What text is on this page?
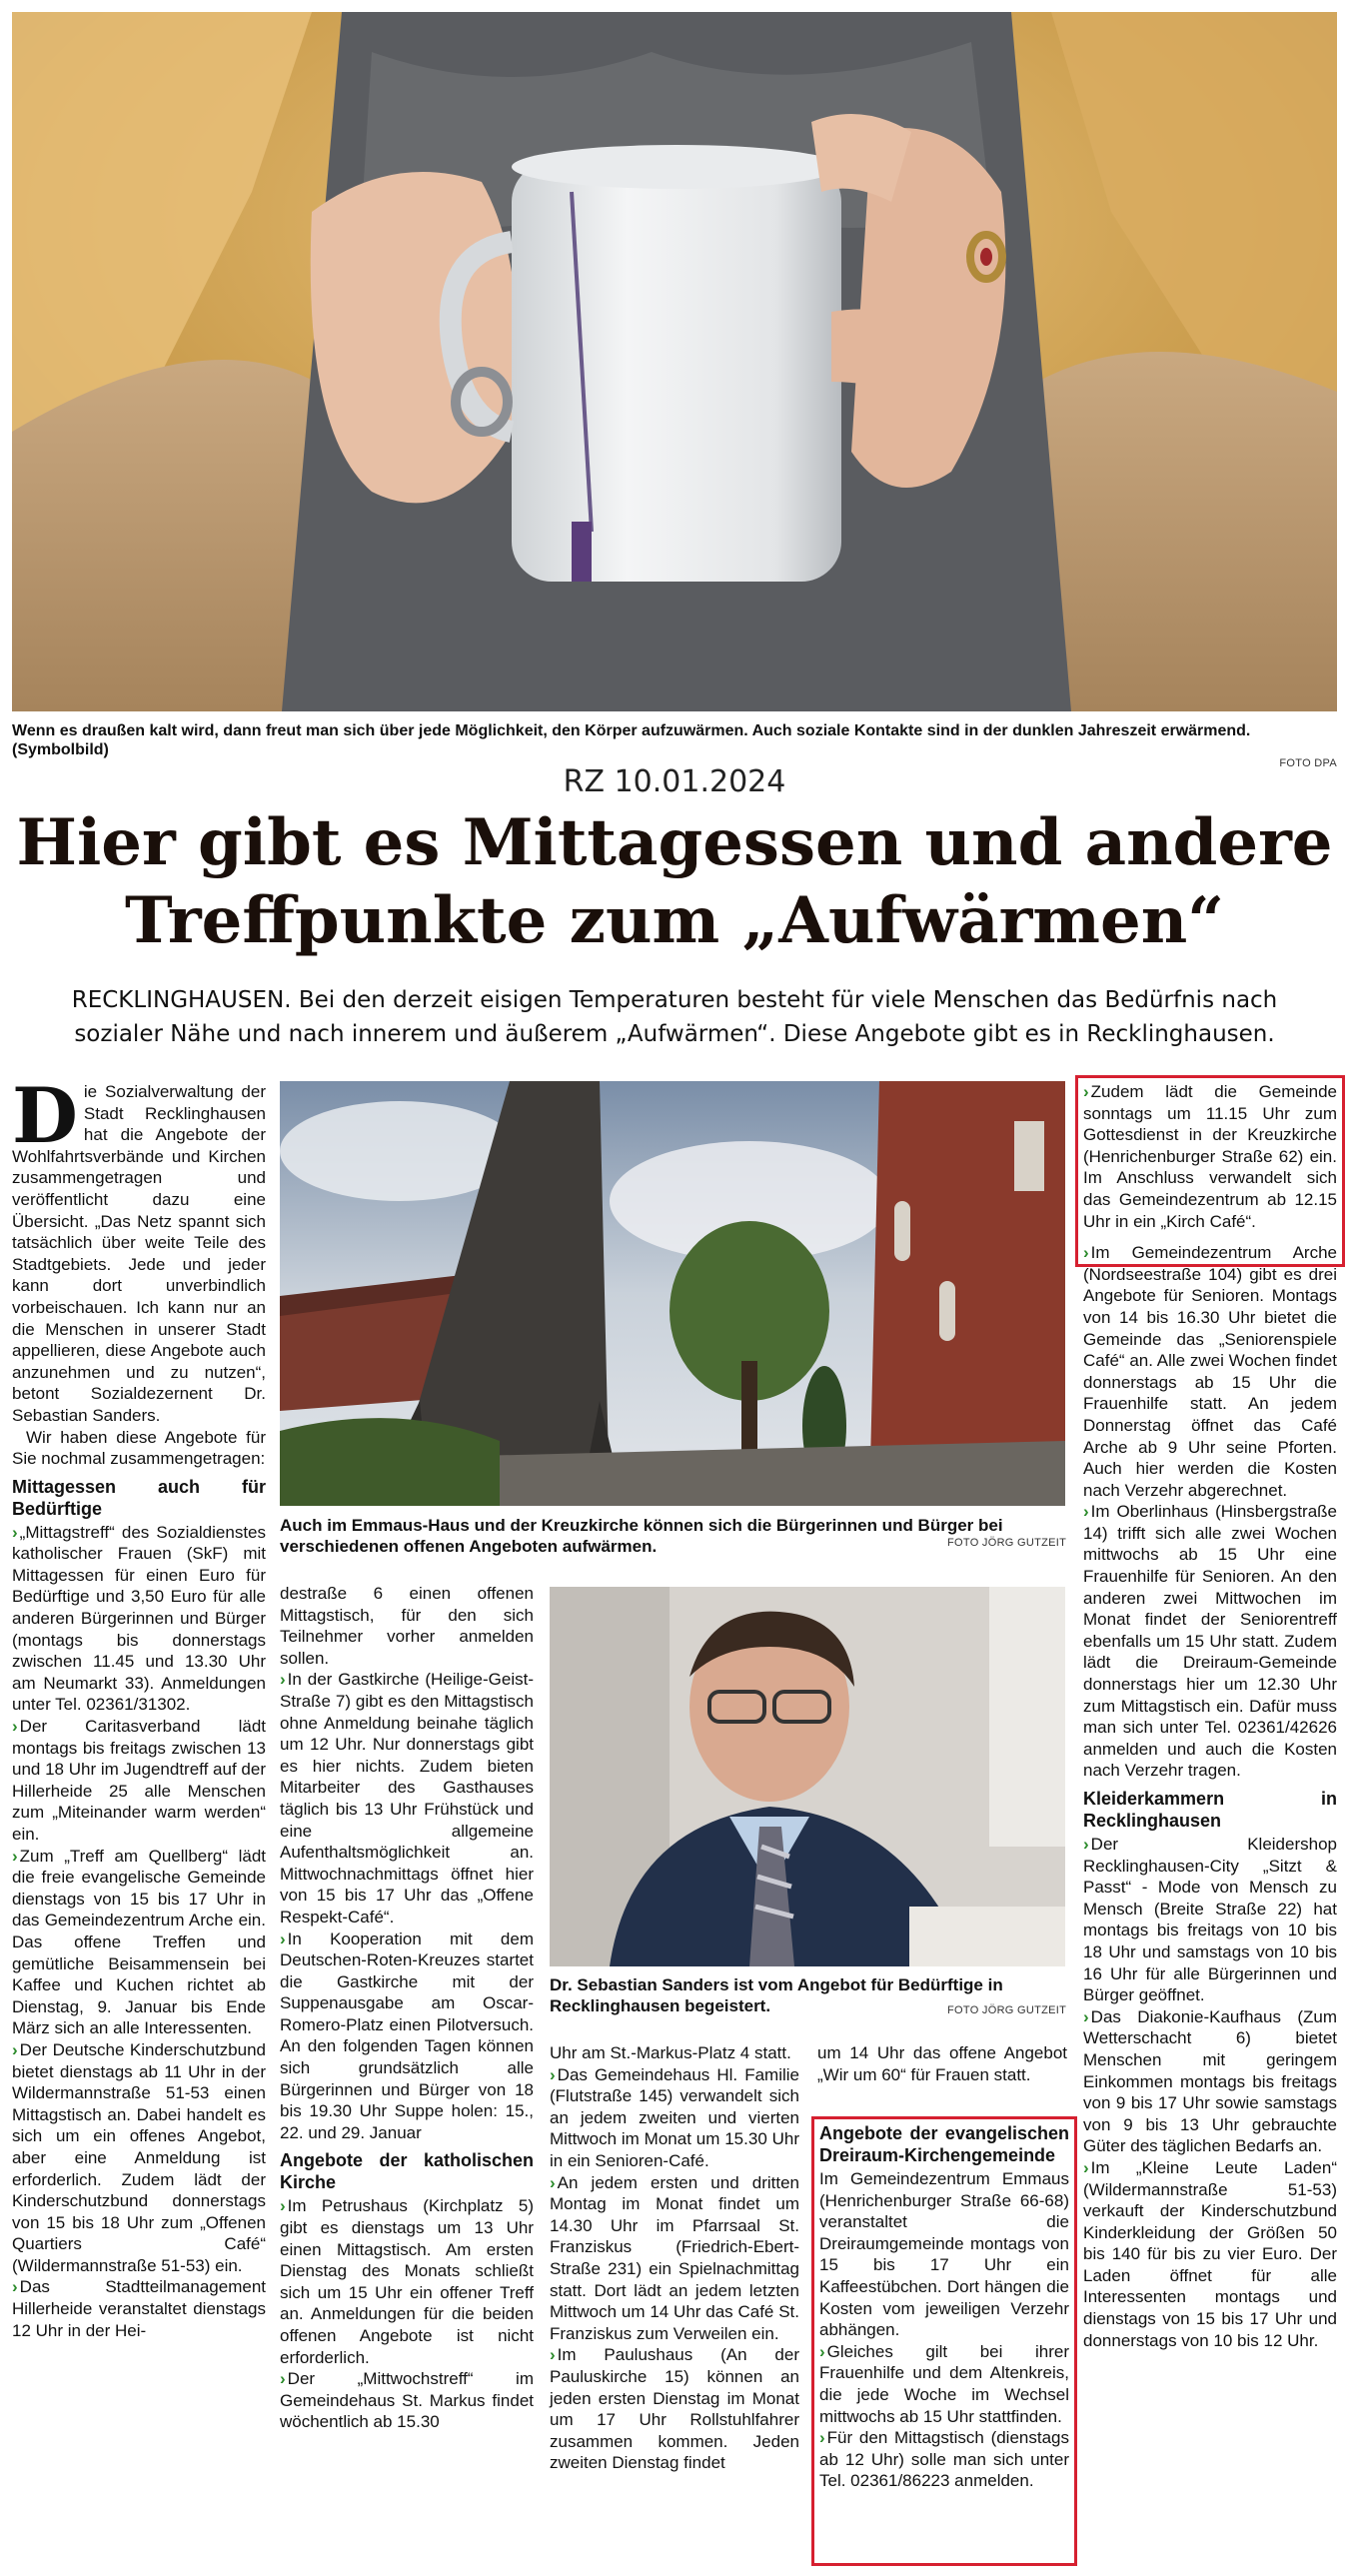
Wenn es draußen kalt wird, dann freut man sich über jede Möglichkeit, den Körper aufzuwärmen. Auch soziale Kontakte sind in der dunklen Jahreszeit erwärmend. (Symbolbild)
FOTO DPA
RZ 10.01.2024
Hier gibt es Mittagessen und andere
Treffpunkte zum „Aufwärmen“
RECKLINGHAUSEN. Bei den derzeit eisigen Temperaturen besteht für viele Menschen das Bedürfnis nach sozialer Nähe und nach innerem und äußerem „Aufwärmen“. Diese Angebote gibt es in Recklinghausen.

Die Sozialverwaltung der Stadt Recklinghausen hat die Angebote der Wohlfahrtsverbände und Kirchen zusammengetragen und veröffentlicht dazu eine Übersicht. „Das Netz spannt sich tatsächlich über weite Teile des Stadtgebiets. Jede und jeder kann dort unverbindlich vorbeischauen. Ich kann nur an die Menschen in unserer Stadt appellieren, diese Angebote auch anzunehmen und zu nutzen“, betont Sozialdezernent Dr. Sebastian Sanders.

Wir haben diese Angebote für Sie nochmal zusammengetragen:

Mittagessen auch für Bedürftige

› „Mittagstreff“ des Sozialdienstes katholischer Frauen (SkF) mit Mittagessen für einen Euro für Bedürftige und 3,50 Euro für alle anderen Bürgerinnen und Bürger (montags bis donnerstags zwischen 11.45 und 13.30 Uhr am Neumarkt 33). Anmeldungen unter Tel. 02361/31302.

› Der Caritasverband lädt montags bis freitags zwischen 13 und 18 Uhr im Jugendtreff auf der Hillerheide 25 alle Menschen zum „Miteinander warm werden“ ein.

› Zum „Treff am Quellberg“ lädt die freie evangelische Gemeinde dienstags von 15 bis 17 Uhr in das Gemeindezentrum Arche ein. Das offene Treffen und gemütliche Beisammensein bei Kaffee und Kuchen richtet ab Dienstag, 9. Januar bis Ende März sich an alle Interessenten.

› Der Deutsche Kinderschutzbund bietet dienstags ab 11 Uhr in der Wildermannstraße 51-53 einen Mittagstisch an. Dabei handelt es sich um ein offenes Angebot, aber eine Anmeldung ist erforderlich. Zudem lädt der Kinderschutzbund donnerstags von 15 bis 18 Uhr zum „Offenen Quartiers Café“ (Wildermannstraße 51-53) ein.

› Das Stadtteilmanagement Hillerheide veranstaltet dienstags 12 Uhr in der Hei-

Auch im Emmaus-Haus und der Kreuzkirche können sich die Bürgerinnen und Bürger bei verschiedenen offenen Angeboten aufwärmen.	FOTO JÖRG GUTZEIT

destraße 6 einen offenen Mittagstisch, für den sich Teilnehmer vorher anmelden sollen.

› In der Gastkirche (Heilige-Geist-Straße 7) gibt es den Mittagstisch ohne Anmeldung beinahe täglich um 12 Uhr. Nur donnerstags gibt es hier nichts. Zudem bieten Mitarbeiter des Gasthauses täglich bis 13 Uhr Frühstück und eine allgemeine Aufenthaltsmöglichkeit an. Mittwochnachmittags öffnet hier von 15 bis 17 Uhr das „Offene Respekt-Café“.

› In Kooperation mit dem Deutschen-Roten-Kreuzes startet die Gastkirche mit der Suppenausgabe am Oscar-Romero-Platz einen Pilotversuch. An den folgenden Tagen können sich grundsätzlich alle Bürgerinnen und Bürger von 18 bis 19.30 Uhr Suppe holen: 15., 22. und 29. Januar

Angebote der katholischen Kirche

› Im Petrushaus (Kirchplatz 5) gibt es dienstags um 13 Uhr einen Mittagstisch. Am ersten Dienstag des Monats schließt sich um 15 Uhr ein offener Treff an. Anmeldungen für die beiden offenen Angebote ist nicht erforderlich.

› Der „Mittwochstreff“ im Gemeindehaus St. Markus findet wöchentlich ab 15.30

Dr. Sebastian Sanders ist vom Angebot für Bedürftige in Recklinghausen begeistert.	FOTO JÖRG GUTZEIT

Uhr am St.-Markus-Platz 4 statt.

› Das Gemeindehaus Hl. Familie (Flutstraße 145) verwandelt sich an jedem zweiten und vierten Mittwoch im Monat um 15.30 Uhr in ein Senioren-Café.

› An jedem ersten und dritten Montag im Monat findet um 14.30 Uhr im Pfarrsaal St. Franziskus (Friedrich-Ebert-Straße 231) ein Spielnachmittag statt. Dort lädt an jedem letzten Mittwoch um 14 Uhr das Café St. Franziskus zum Verweilen ein.

› Im Paulushaus (An der Pauluskirche 15) können an jeden ersten Dienstag im Monat um 17 Uhr Rollstuhlfahrer zusammen kommen. Jeden zweiten Dienstag findet

um 14 Uhr das offene Angebot „Wir um 60“ für Frauen statt.

Angebote der evangelischen Dreiraum-Kirchengemeinde

Im Gemeindezentrum Emmaus (Henrichenburger Straße 66-68) veranstaltet die Dreiraumgemeinde montags von 15 bis 17 Uhr ein Kaffeestübchen. Dort hängen die Kosten vom jeweiligen Verzehr abhängen.

› Gleiches gilt bei ihrer Frauenhilfe und dem Altenkreis, die jede Woche im Wechsel mittwochs ab 15 Uhr stattfinden.

› Für den Mittagstisch (dienstags ab 12 Uhr) solle man sich unter Tel. 02361/86223 anmelden.

› Zudem lädt die Gemeinde sonntags um 11.15 Uhr zum Gottesdienst in der Kreuzkirche (Henrichenburger Straße 62) ein. Im Anschluss verwandelt sich das Gemeindezentrum ab 12.15 Uhr in ein „Kirch Café“.

› Im Gemeindezentrum Arche (Nordseestraße 104) gibt es drei Angebote für Senioren. Montags von 14 bis 16.30 Uhr bietet die Gemeinde das „Seniorenspiele Café“ an. Alle zwei Wochen findet donnerstags ab 15 Uhr die Frauenhilfe statt. An jedem Donnerstag öffnet das Café Arche ab 9 Uhr seine Pforten. Auch hier werden die Kosten nach Verzehr abgerechnet.

› Im Oberlinhaus (Hinsbergstraße 14) trifft sich alle zwei Wochen mittwochs ab 15 Uhr eine Frauenhilfe für Senioren. An den anderen zwei Mittwochen im Monat findet der Seniorentreff ebenfalls um 15 Uhr statt. Zudem lädt die Dreiraum-Gemeinde donnerstags hier um 12.30 Uhr zum Mittagstisch ein. Dafür muss man sich unter Tel. 02361/42626 anmelden und auch die Kosten nach Verzehr tragen.

Kleiderkammern in Recklinghausen

› Der Kleidershop Recklinghausen-City „Sitzt & Passt“ - Mode von Mensch zu Mensch (Breite Straße 22) hat montags bis freitags von 10 bis 18 Uhr und samstags von 10 bis 16 Uhr für alle Bürgerinnen und Bürger geöffnet.

› Das Diakonie-Kaufhaus (Zum Wetterschacht 6) bietet Menschen mit geringem Einkommen montags bis freitags von 9 bis 17 Uhr sowie samstags von 9 bis 13 Uhr gebrauchte Güter des täglichen Bedarfs an.

› Im „Kleine Leute Laden“ (Wildermannstraße 51-53) verkauft der Kinderschutzbund Kinderkleidung der Größen 50 bis 140 für bis zu vier Euro. Der Laden öffnet für alle Interessenten montags und dienstags von 15 bis 17 Uhr und donnerstags von 10 bis 12 Uhr.
